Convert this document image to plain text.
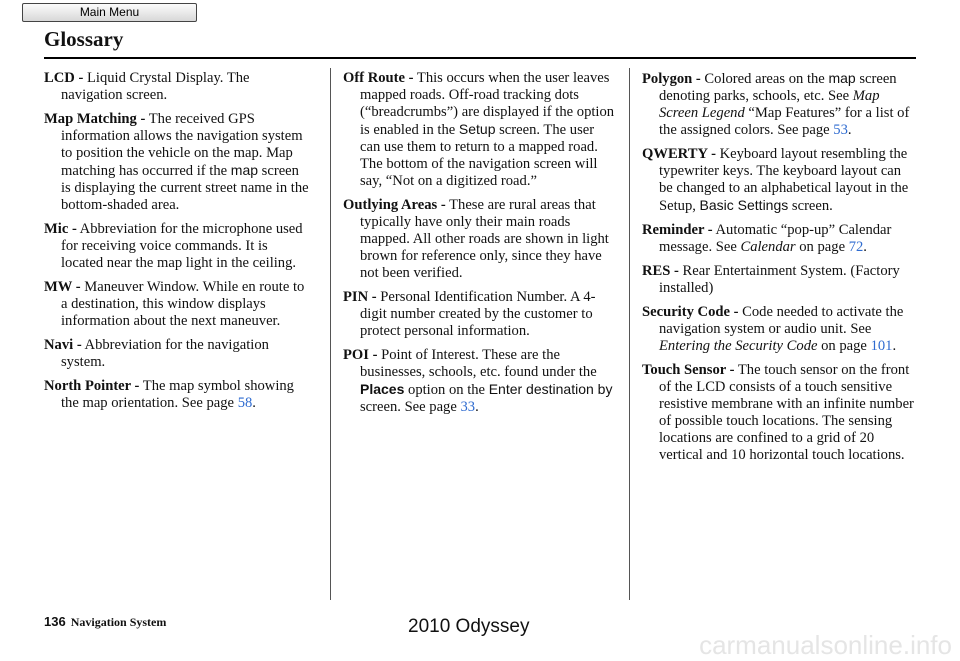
Main Menu
Glossary

LCD - Liquid Crystal Display. The navigation screen.

Map Matching - The received GPS information allows the navigation system to position the vehicle on the map. Map matching has occurred if the map screen is displaying the current street name in the bottom-shaded area.

Mic - Abbreviation for the microphone used for receiving voice commands. It is located near the map light in the ceiling.

MW - Maneuver Window. While en route to a destination, this window displays information about the next maneuver.

Navi - Abbreviation for the navigation system.

North Pointer - The map symbol showing the map orientation. See page 58.

Off Route - This occurs when the user leaves mapped roads. Off-road tracking dots (“breadcrumbs”) are displayed if the option is enabled in the Setup screen. The user can use them to return to a mapped road. The bottom of the navigation screen will say, “Not on a digitized road.”

Outlying Areas - These are rural areas that typically have only their main roads mapped. All other roads are shown in light brown for reference only, since they have not been verified.

PIN - Personal Identification Number. A 4-digit number created by the customer to protect personal information.

POI - Point of Interest. These are the businesses, schools, etc. found under the Places option on the Enter destination by screen. See page 33.

Polygon - Colored areas on the map screen denoting parks, schools, etc. See Map Screen Legend “Map Features” for a list of the assigned colors. See page 53.

QWERTY - Keyboard layout resembling the typewriter keys. The keyboard layout can be changed to an alphabetical layout in the Setup, Basic Settings screen.

Reminder - Automatic “pop-up” Calendar message. See Calendar on page 72.

RES - Rear Entertainment System. (Factory installed)

Security Code - Code needed to activate the navigation system or audio unit. See Entering the Security Code on page 101.

Touch Sensor - The touch sensor on the front of the LCD consists of a touch sensitive resistive membrane with an infinite number of possible touch locations. The sensing locations are confined to a grid of 20 vertical and 10 horizontal touch locations.

136 Navigation System	2010 Odyssey
carmanualsonline.info
